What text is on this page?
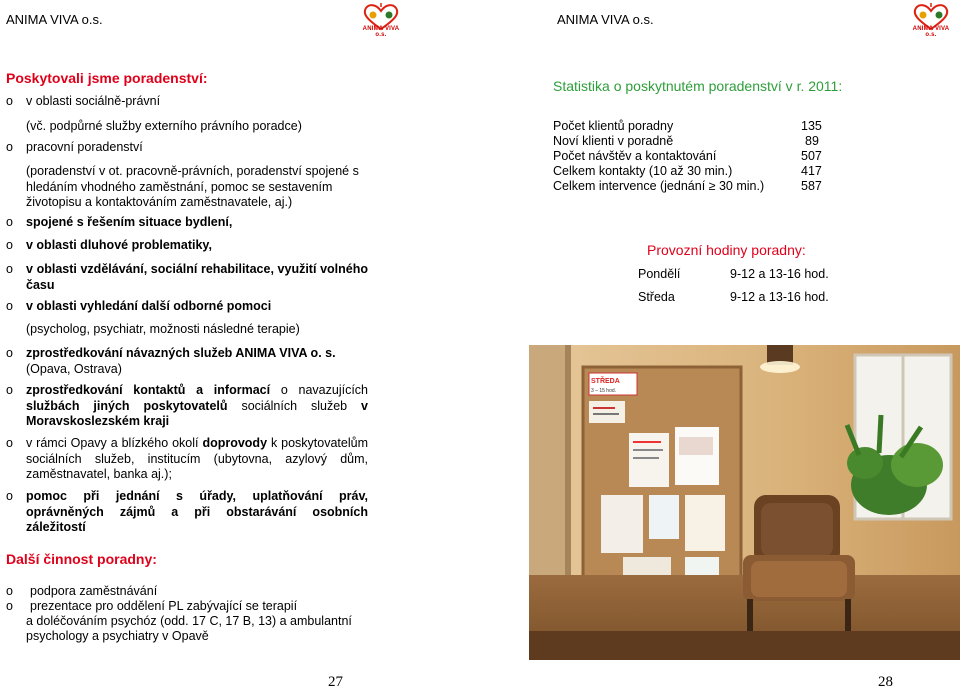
ANIMA VIVA o.s.
ANIMA VIVA o.s.
ANIMA VIVA o.s.
ANIMA VIVA o.s.
Poskytovali jsme poradenství:
o v oblasti sociálně-právní
(vč. podpůrné služby externího právního poradce)
o pracovní poradenství
(poradenství v ot. pracovně-právních, poradenství spojené s hledáním vhodného zaměstnání, pomoc se sestavením životopisu a kontaktováním zaměstnavatele, aj.)
o spojené s řešením situace bydlení,
o v oblasti dluhové problematiky,
o v oblasti vzdělávání, sociální rehabilitace, využití volného času
o v oblasti vyhledání další odborné pomoci
(psycholog, psychiatr, možnosti následné terapie)
o zprostředkování návazných služeb ANIMA VIVA o. s.
(Opava, Ostrava)
o zprostředkování kontaktů a informací o navazujících službách jiných poskytovatelů sociálních služeb v Moravskoslezském kraji
o v rámci Opavy a blízkého okolí doprovody k poskytovatelům sociálních služeb, institucím (ubytovna, azylový dům, zaměstnavatel, banka aj.);
o pomoc při jednání s úřady, uplatňování práv, oprávněných zájmů a při obstarávání osobních záležitostí
Další činnost poradny:
o podpora zaměstnávání
o prezentace pro oddělení PL zabývající se terapií
a doléčováním psychóz (odd. 17 C, 17 B, 13) a ambulantní
psychology a psychiatry v Opavě
Statistika o poskytnutém poradenství v r. 2011:
Počet klientů poradny	135
Noví klienti v poradně	89
Počet návštěv a kontaktování	507
Celkem kontakty (10 až 30 min.)	417
Celkem intervence (jednání ≥ 30 min.)	587
Provozní hodiny poradny:
Pondělí	9-12 a 13-16 hod.
Středa	9-12 a 13-16 hod.
STŘEDA
3 – 15 hod.
27	28
